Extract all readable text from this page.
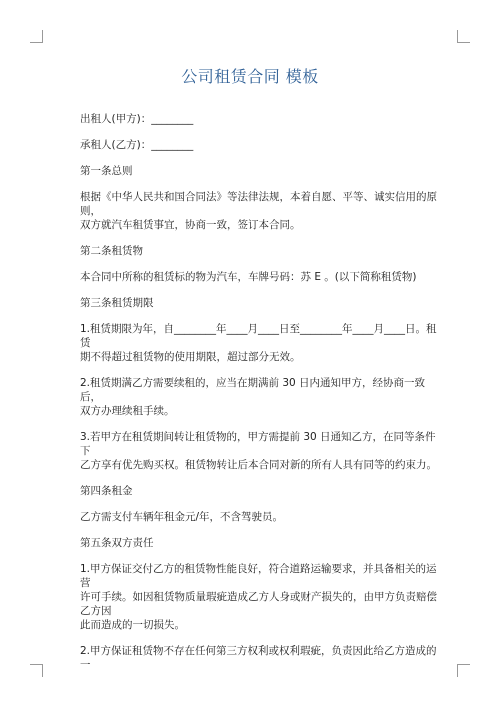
公司租赁合同 模板

出租人(甲方)：________

承租人(乙方)：________

第一条总则

根据《中华人民共和国合同法》等法律法规，本着自愿、平等、诚实信用的原则，
双方就汽车租赁事宜，协商一致，签订本合同。

第二条租赁物

本合同中所称的租赁标的物为汽车，车牌号码：苏 E 。(以下简称租赁物)

第三条租赁期限

1.租赁期限为年，自________年____月____日至________年____月____日。租赁
期不得超过租赁物的使用期限，超过部分无效。

2.租赁期满乙方需要续租的，应当在期满前 30 日内通知甲方，经协商一致后，
双方办理续租手续。

3.若甲方在租赁期间转让租赁物的，甲方需提前 30 日通知乙方，在同等条件下
乙方享有优先购买权。租赁物转让后本合同对新的所有人具有同等的约束力。

第四条租金

乙方需支付车辆年租金元/年，不含驾驶员。

第五条双方责任

1.甲方保证交付乙方的租赁物性能良好，符合道路运输要求，并具备相关的运营
许可手续。如因租赁物质量瑕疵造成乙方人身或财产损失的，由甲方负责赔偿乙方因
此而造成的一切损失。

2.甲方保证租赁物不存在任何第三方权利或权利瑕疵，负责因此给乙方造成的一
